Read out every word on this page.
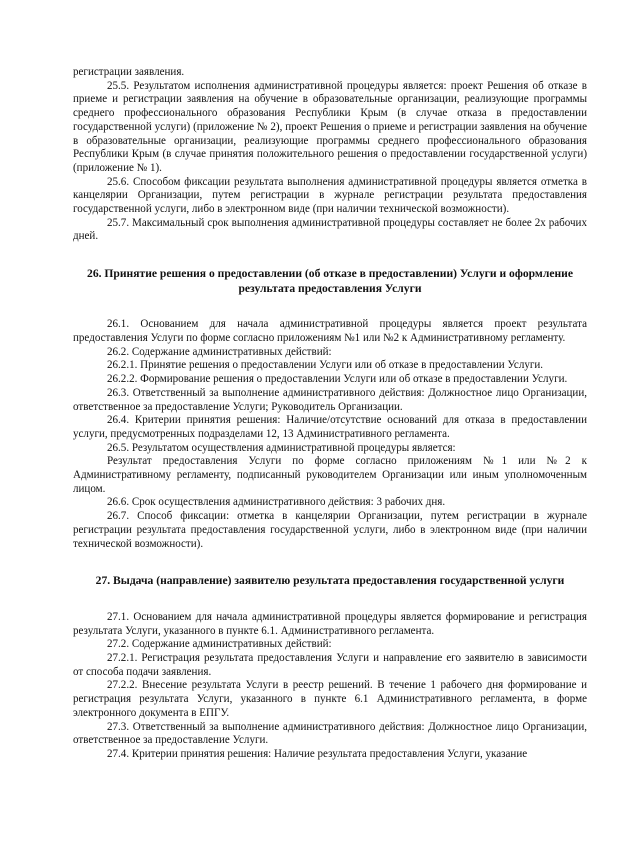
регистрации заявления.

25.5. Результатом исполнения административной процедуры является: проект Решения об отказе в приеме и регистрации заявления на обучение в образовательные организации, реализующие программы среднего профессионального образования Республики Крым (в случае отказа в предоставлении государственной услуги) (приложение № 2), проект Решения о приеме и регистрации заявления на обучение в образовательные организации, реализующие программы среднего профессионального образования Республики Крым (в случае принятия положительного решения о предоставлении государственной услуги) (приложение № 1).

25.6. Способом фиксации результата выполнения административной процедуры является отметка в канцелярии Организации, путем регистрации в журнале регистрации результата предоставления государственной услуги, либо в электронном виде (при наличии технической возможности).

25.7. Максимальный срок выполнения административной процедуры составляет не более 2х рабочих дней.

26. Принятие решения о предоставлении (об отказе в предоставлении) Услуги и оформление результата предоставления Услуги

26.1. Основанием для начала административной процедуры является проект результата предоставления Услуги по форме согласно приложениям №1 или №2 к Административному регламенту.

26.2. Содержание административных действий:

26.2.1. Принятие решения о предоставлении Услуги или об отказе в предоставлении Услуги.

26.2.2. Формирование решения о предоставлении Услуги или об отказе в предоставлении Услуги.

26.3. Ответственный за выполнение административного действия: Должностное лицо Организации, ответственное за предоставление Услуги; Руководитель Организации.

26.4. Критерии принятия решения: Наличие/отсутствие оснований для отказа в предоставлении услуги, предусмотренных подразделами 12, 13 Административного регламента.

26.5. Результатом осуществления административной процедуры является:

Результат предоставления Услуги по форме согласно приложениям №1 или №2 к Административному регламенту, подписанный руководителем Организации или иным уполномоченным лицом.

26.6. Срок осуществления административного действия: 3 рабочих дня.

26.7. Способ фиксации: отметка в канцелярии Организации, путем регистрации в журнале регистрации результата предоставления государственной услуги, либо в электронном виде (при наличии технической возможности).

27. Выдача (направление) заявителю результата предоставления государственной услуги

27.1. Основанием для начала административной процедуры является формирование и регистрация результата Услуги, указанного в пункте 6.1. Административного регламента.

27.2. Содержание административных действий:

27.2.1. Регистрация результата предоставления Услуги и направление его заявителю в зависимости от способа подачи заявления.

27.2.2. Внесение результата Услуги в реестр решений. В течение 1 рабочего дня формирование и регистрация результата Услуги, указанного в пункте 6.1 Административного регламента, в форме электронного документа в ЕПГУ.

27.3. Ответственный за выполнение административного действия: Должностное лицо Организации, ответственное за предоставление Услуги.

27.4. Критерии принятия решения: Наличие результата предоставления Услуги, указание
